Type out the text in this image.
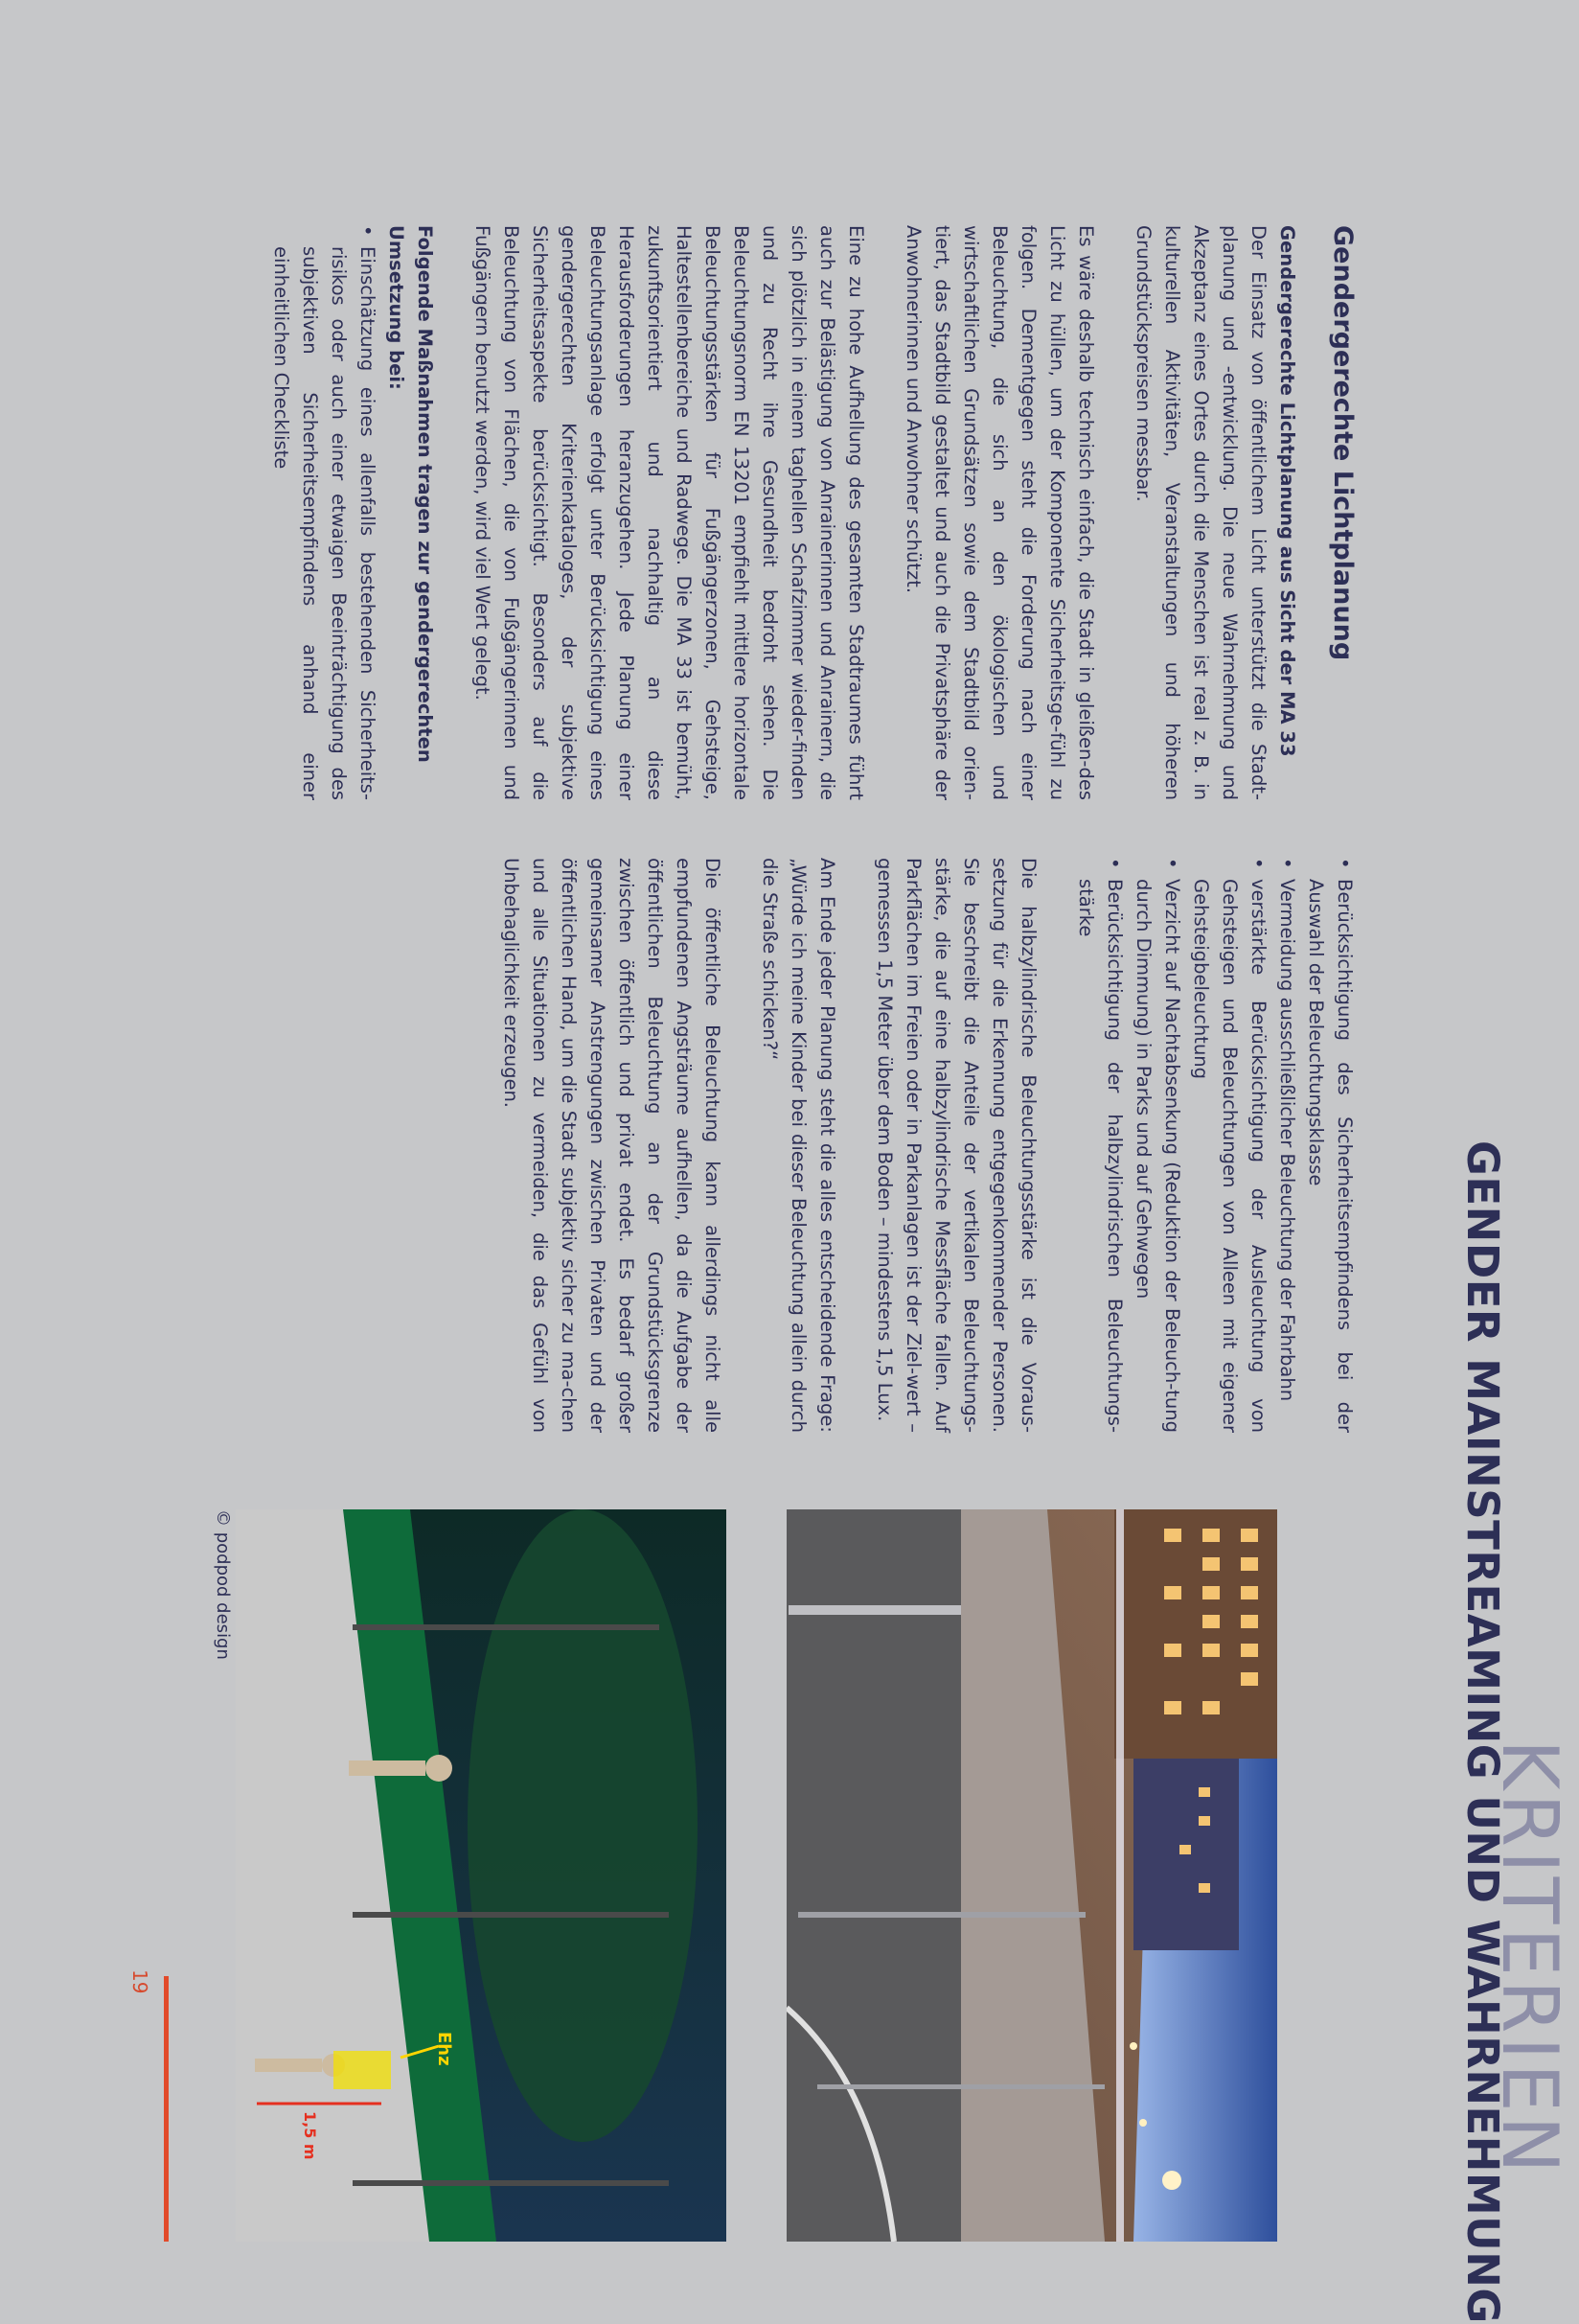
KRITERIEN
GENDER MAINSTREAMING UND WAHRNEHMUNG
Gendergerechte Lichtplanung

Gendergerechte Lichtplanung aus Sicht der MA 33
Der Einsatz von öffentlichem Licht unterstützt die Stadt-planung und -entwicklung. Die neue Wahrnehmung und Akzeptanz eines Ortes durch die Menschen ist real z. B. in kulturellen Aktivitäten, Veranstaltungen und höheren Grundstückspreisen messbar.

Es wäre deshalb technisch einfach, die Stadt in gleißen-des Licht zu hüllen, um der Komponente Sicherheitsge-fühl zu folgen. Dementgegen steht die Forderung nach einer Beleuchtung, die sich an den ökologischen und wirtschaftlichen Grundsätzen sowie dem Stadtbild orien-tiert, das Stadtbild gestaltet und auch die Privatsphäre der Anwohnerinnen und Anwohner schützt.

Eine zu hohe Aufhellung des gesamten Stadtraumes führt auch zur Belästigung von Anrainerinnen und Anrainern, die sich plötzlich in einem taghellen Schafzimmer wieder-finden und zu Recht ihre Gesundheit bedroht sehen. Die Beleuchtungsnorm EN 13201 empfiehlt mittlere horizontale Beleuchtungsstärken für Fußgängerzonen, Gehsteige, Haltestellenbereiche und Radwege. Die MA 33 ist bemüht, zukunftsorientiert und nachhaltig an diese Herausforderungen heranzugehen. Jede Planung einer Beleuchtungsanlage erfolgt unter Berücksichtigung eines gendergerechten Kriterienkataloges, der subjektive Sicherheitsaspekte berücksichtigt. Besonders auf die Beleuchtung von Flächen, die von Fußgängerinnen und Fußgängern benutzt werden, wird viel Wert gelegt.

Folgende Maßnahmen tragen zur gendergerechten Umsetzung bei:
• Einschätzung eines allenfalls bestehenden Sicherheits-risikos oder auch einer etwaigen Beeinträchtigung des subjektiven Sicherheitsempfindens anhand einer einheitlichen Checkliste
• Berücksichtigung des Sicherheitsempfindens bei der Auswahl der Beleuchtungsklasse
• Vermeidung ausschließlicher Beleuchtung der Fahrbahn
• verstärkte Berücksichtigung der Ausleuchtung von Gehsteigen und Beleuchtungen von Alleen mit eigener Gehsteigbeleuchtung
• Verzicht auf Nachtabsenkung (Reduktion der Beleuch-tung durch Dimmung) in Parks und auf Gehwegen
• Berücksichtigung der halbzylindrischen Beleuchtungs-stärke

Die halbzylindrische Beleuchtungsstärke ist die Voraus-setzung für die Erkennung entgegenkommender Personen. Sie beschreibt die Anteile der vertikalen Beleuchtungs-stärke, die auf eine halbzylindrische Messfläche fallen. Auf Parkflächen im Freien oder in Parkanlagen ist der Ziel-wert – gemessen 1,5 Meter über dem Boden – mindestens 1,5 Lux.

Am Ende jeder Planung steht die alles entscheidende Frage: „Würde ich meine Kinder bei dieser Beleuchtung allein durch die Straße schicken?“

Die öffentliche Beleuchtung kann allerdings nicht alle empfundenen Angsträume aufhellen, da die Aufgabe der öffentlichen Beleuchtung an der Grundstücksgrenze zwischen öffentlich und privat endet. Es bedarf großer gemeinsamer Anstrengungen zwischen Privaten und der öffentlichen Hand, um die Stadt subjektiv sicher zu ma-chen und alle Situationen zu vermeiden, die das Gefühl von Unbehaglichkeit erzeugen.

Ehz
1,5 m
© podpod design
19
